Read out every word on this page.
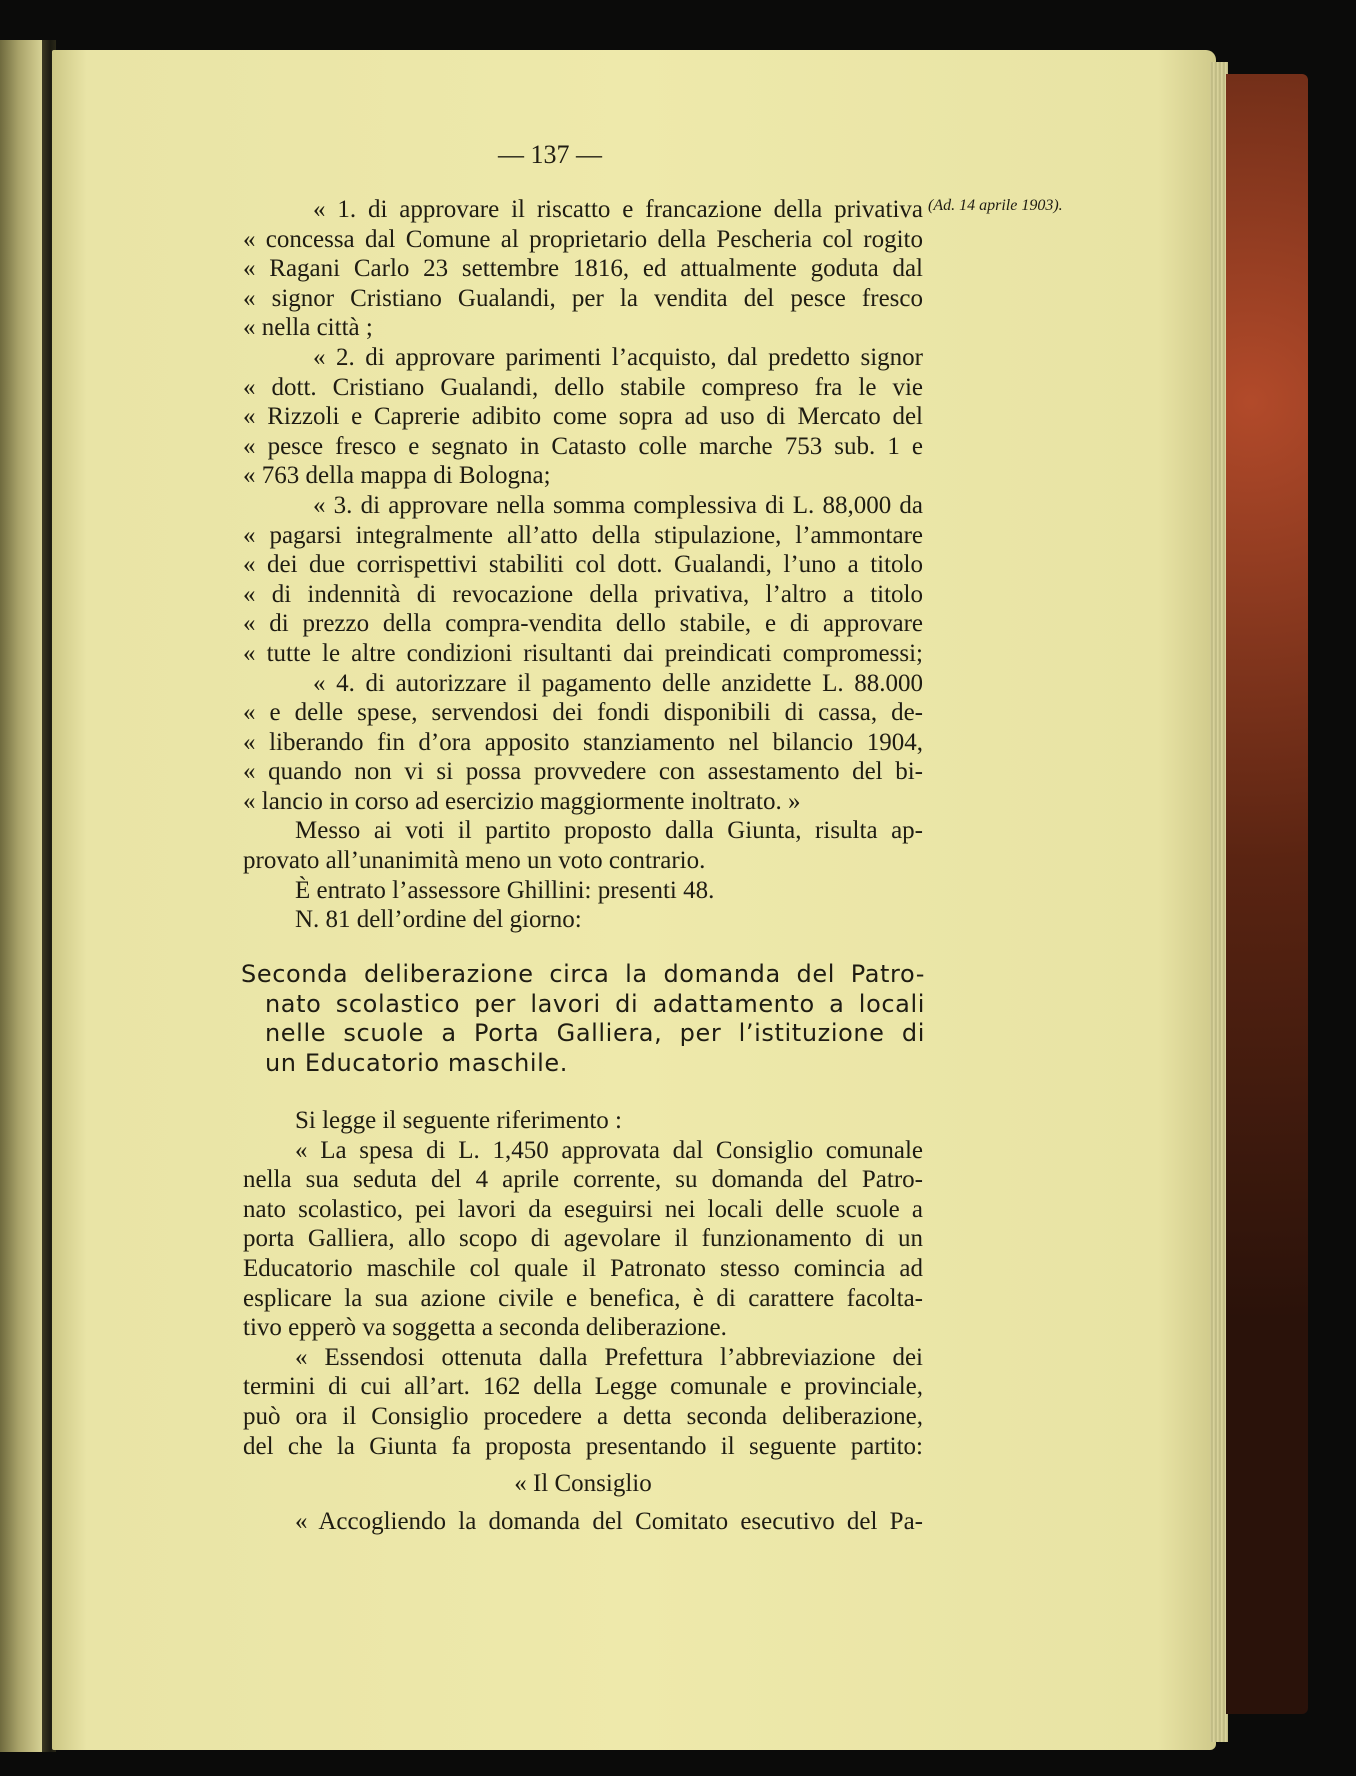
— 137 —
(Ad. 14 aprile 1903).
« 1. di approvare il riscatto e francazione della privativa
« concessa dal Comune al proprietario della Pescheria col rogito
« Ragani Carlo 23 settembre 1816, ed attualmente goduta dal
« signor Cristiano Gualandi, per la vendita del pesce fresco
« nella città ;
« 2. di approvare parimenti l’acquisto, dal predetto signor
« dott. Cristiano Gualandi, dello stabile compreso fra le vie
« Rizzoli e Caprerie adibito come sopra ad uso di Mercato del
« pesce fresco e segnato in Catasto colle marche 753 sub. 1 e
« 763 della mappa di Bologna;
« 3. di approvare nella somma complessiva di L. 88,000 da
« pagarsi integralmente all’atto della stipulazione, l’ammontare
« dei due corrispettivi stabiliti col dott. Gualandi, l’uno a titolo
« di indennità di revocazione della privativa, l’altro a titolo
« di prezzo della compra-vendita dello stabile, e di approvare
« tutte le altre condizioni risultanti dai preindicati compromessi;
« 4. di autorizzare il pagamento delle anzidette L. 88.000
« e delle spese, servendosi dei fondi disponibili di cassa, de-
« liberando fin d’ora apposito stanziamento nel bilancio 1904,
« quando non vi si possa provvedere con assestamento del bi-
« lancio in corso ad esercizio maggiormente inoltrato. »
Messo ai voti il partito proposto dalla Giunta, risulta ap-
provato all’unanimità meno un voto contrario.
È entrato l’assessore Ghillini: presenti 48.
N. 81 dell’ordine del giorno:
Seconda deliberazione circa la domanda del Patro-
nato scolastico per lavori di adattamento a locali
nelle scuole a Porta Galliera, per l’istituzione di
un Educatorio maschile.
Si legge il seguente riferimento :
« La spesa di L. 1,450 approvata dal Consiglio comunale
nella sua seduta del 4 aprile corrente, su domanda del Patro-
nato scolastico, pei lavori da eseguirsi nei locali delle scuole a
porta Galliera, allo scopo di agevolare il funzionamento di un
Educatorio maschile col quale il Patronato stesso comincia ad
esplicare la sua azione civile e benefica, è di carattere facolta-
tivo epperò va soggetta a seconda deliberazione.
« Essendosi ottenuta dalla Prefettura l’abbreviazione dei
termini di cui all’art. 162 della Legge comunale e provinciale,
può ora il Consiglio procedere a detta seconda deliberazione,
del che la Giunta fa proposta presentando il seguente partito:
« Il Consiglio
« Accogliendo la domanda del Comitato esecutivo del Pa-
